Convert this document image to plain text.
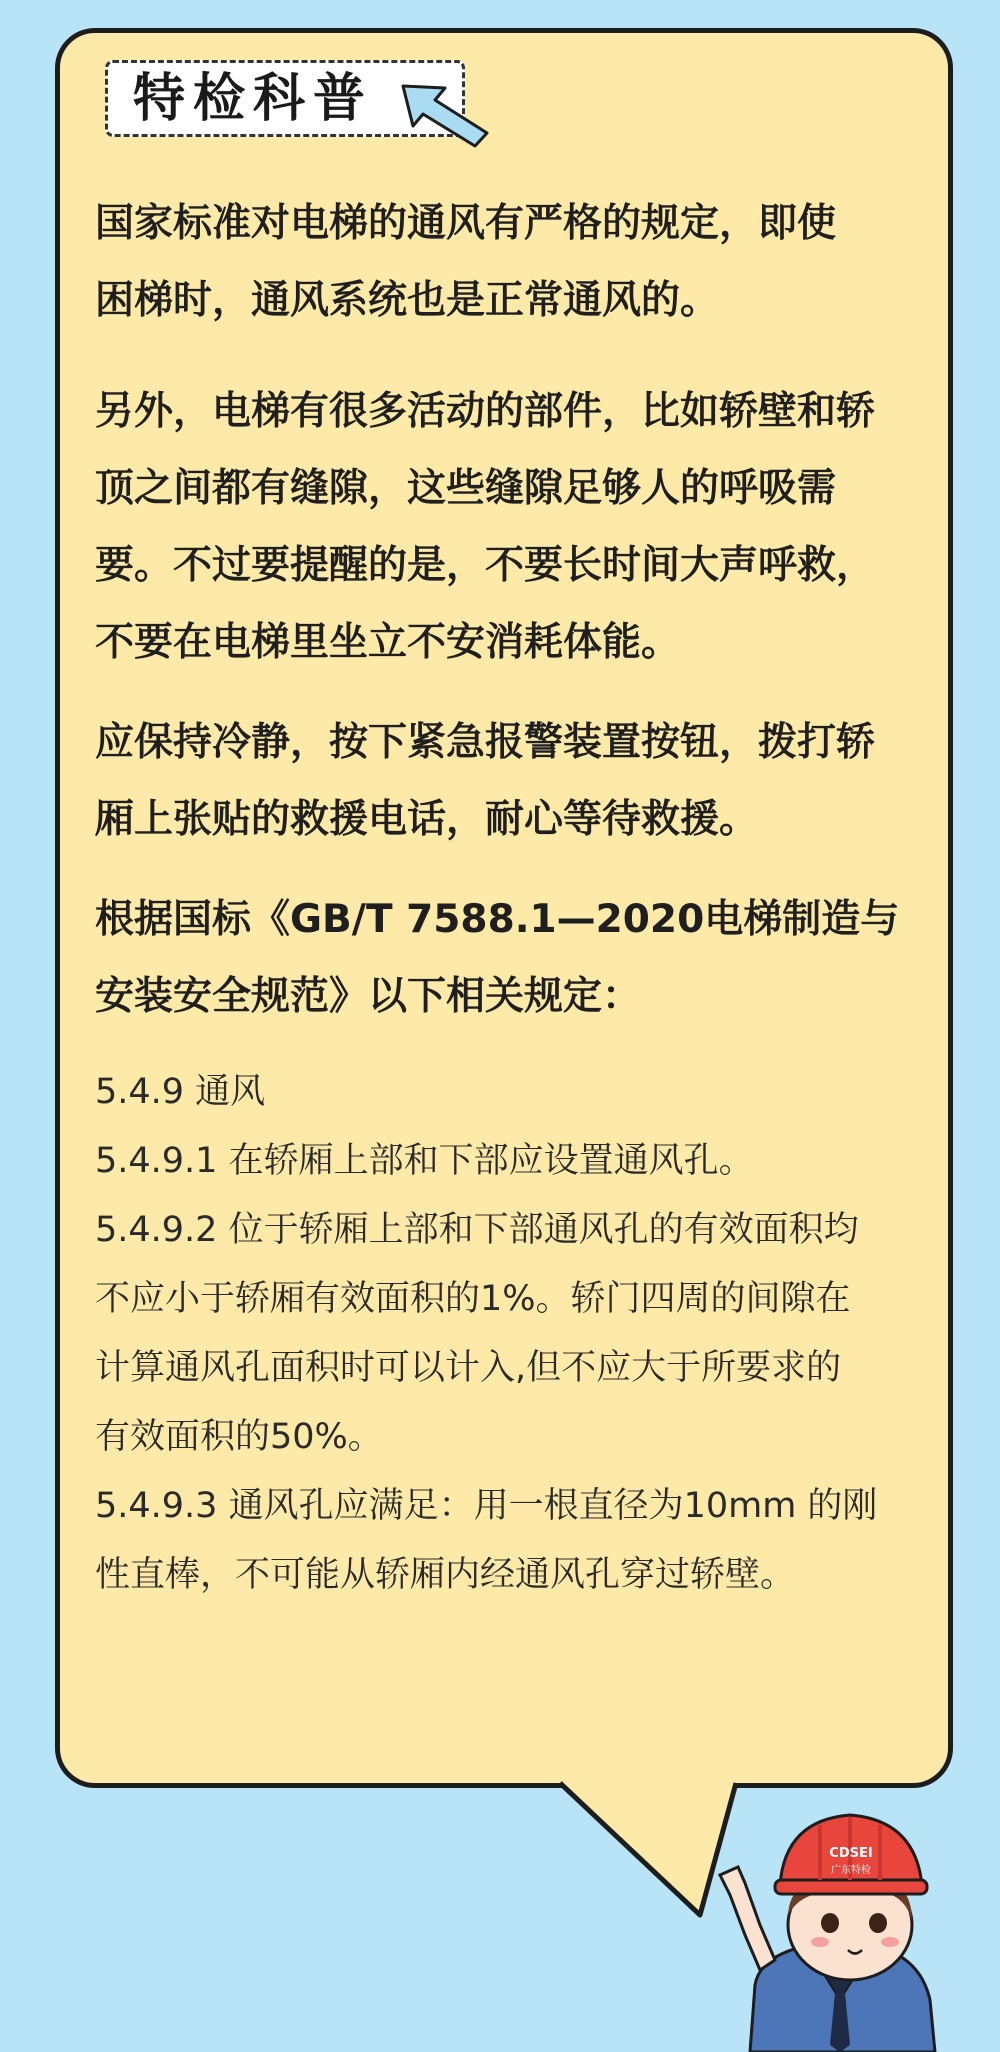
特检科普

国家标准对电梯的通风有严格的规定，即使
困梯时，通风系统也是正常通风的。

另外，电梯有很多活动的部件，比如轿壁和轿
顶之间都有缝隙，这些缝隙足够人的呼吸需
要。不过要提醒的是，不要长时间大声呼救，
不要在电梯里坐立不安消耗体能。

应保持冷静，按下紧急报警装置按钮，拨打轿
厢上张贴的救援电话，耐心等待救援。

根据国标《GB/T 7588.1—2020电梯制造与
安装安全规范》以下相关规定：

5.4.9 通风

5.4.9.1 在轿厢上部和下部应设置通风孔。

5.4.9.2 位于轿厢上部和下部通风孔的有效面积均
不应小于轿厢有效面积的1%。轿门四周的间隙在
计算通风孔面积时可以计入,但不应大于所要求的
有效面积的50%。

5.4.9.3 通风孔应满足：用一根直径为10mm 的刚
性直棒，不可能从轿厢内经通风孔穿过轿壁。

CDSEI
广东特检
